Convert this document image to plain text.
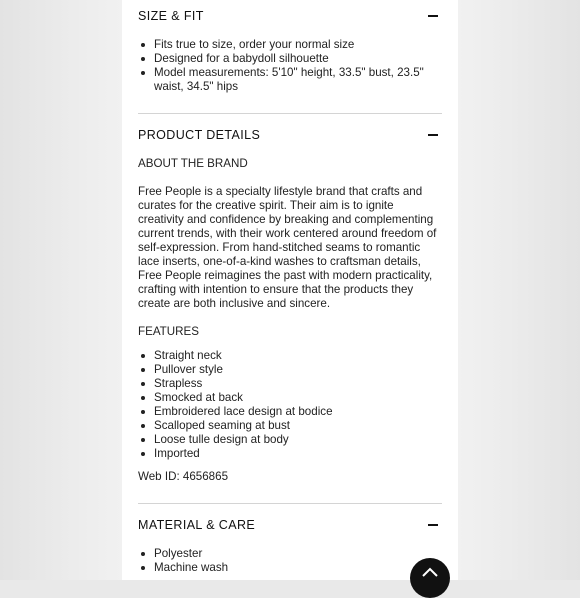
SIZE & FIT
Fits true to size, order your normal size
Designed for a babydoll silhouette
Model measurements: 5'10" height, 33.5" bust, 23.5" waist, 34.5" hips
PRODUCT DETAILS

ABOUT THE BRAND

Free People is a specialty lifestyle brand that crafts and curates for the creative spirit. Their aim is to ignite creativity and confidence by breaking and complementing current trends, with their work centered around freedom of self-expression. From hand-stitched seams to romantic lace inserts, one-of-a-kind washes to craftsman details, Free People reimagines the past with modern practicality, crafting with intention to ensure that the products they create are both inclusive and sincere.

FEATURES

Straight neck
Pullover style
Strapless
Smocked at back
Embroidered lace design at bodice
Scalloped seaming at bust
Loose tulle design at body
Imported

Web ID: 4656865

MATERIAL & CARE
Polyester
Machine wash
